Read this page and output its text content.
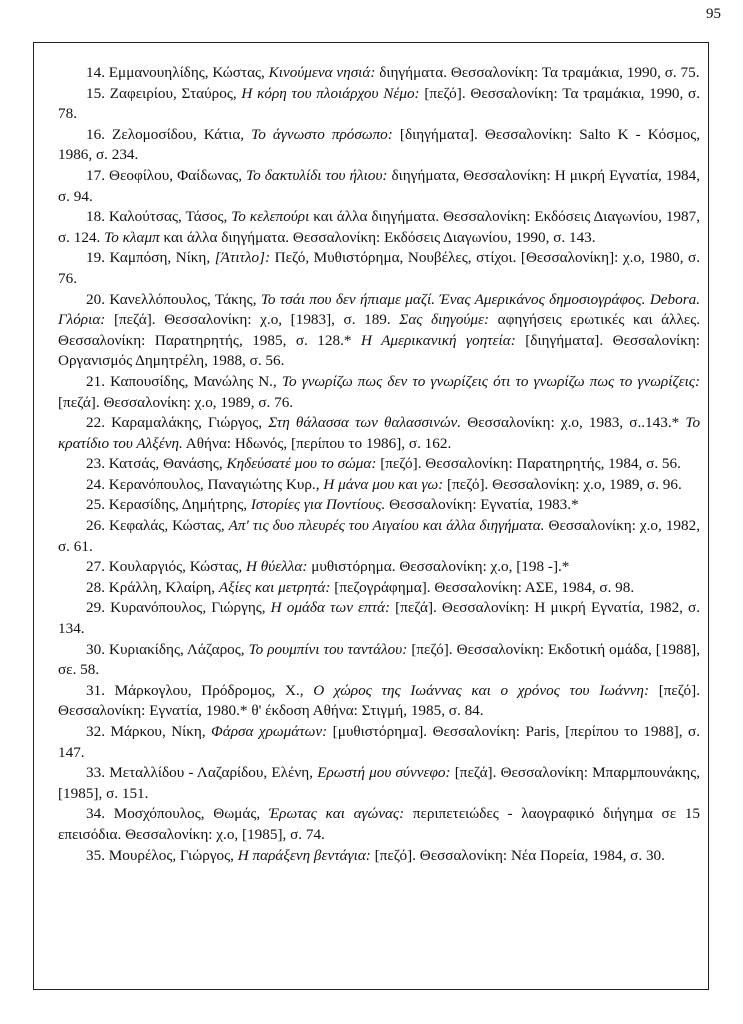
95

14. Εμμανουηλίδης, Κώστας, Κινούμενα νησιά: διηγήματα. Θεσσαλονίκη: Τα τραμάκια, 1990, σ. 75.

15. Ζαφειρίου, Σταύρος, Η κόρη του πλοιάρχου Νέμο: [πεζό]. Θεσσαλονίκη: Τα τραμάκια, 1990, σ. 78.

16. Ζελομοσίδου, Κάτια, Το άγνωστο πρόσωπο: [διηγήματα]. Θεσσαλονίκη: Salto K - Κόσμος, 1986, σ. 234.

17. Θεοφίλου, Φαίδωνας, Το δακτυλίδι του ήλιου: διηγήματα, Θεσσαλονίκη: Η μικρή Εγνατία, 1984, σ. 94.

18. Καλούτσας, Τάσος, Το κελεπούρι και άλλα διηγήματα. Θεσσαλονίκη: Εκδόσεις Διαγωνίου, 1987, σ. 124. Το κλαμπ και άλλα διηγήματα. Θεσσαλονίκη: Εκδόσεις Διαγωνίου, 1990, σ. 143.

19. Καμπόση, Νίκη, [Άτιτλο]: Πεζό, Μυθιστόρημα, Νουβέλες, στίχοι. [Θεσσαλονίκη]: χ.ο, 1980, σ. 76.

20. Κανελλόπουλος, Τάκης, Το τσάι που δεν ήπιαμε μαζί. Ένας Αμερικάνος δημοσιογράφος. Debora. Γλόρια: [πεζά]. Θεσσαλονίκη: χ.ο, [1983], σ. 189. Σας διηγούμε: αφηγήσεις ερωτικές και άλλες. Θεσσαλονίκη: Παρατηρητής, 1985, σ. 128.* Η Αμερικανική γοητεία: [διηγήματα]. Θεσσαλονίκη: Οργανισμός Δημητρέλη, 1988, σ. 56.

21. Καπουσίδης, Μανώλης Ν., Το γνωρίζω πως δεν το γνωρίζεις ότι το γνωρίζω πως το γνωρίζεις: [πεζά]. Θεσσαλονίκη: χ.ο, 1989, σ. 76.

22. Καραμαλάκης, Γιώργος, Στη θάλασσα των θαλασσινών. Θεσσαλονίκη: χ.ο, 1983, σ..143.* Το κρατίδιο του Αλξένη. Αθήνα: Ηδωνός, [περίπου το 1986], σ. 162.

23. Κατσάς, Θανάσης, Κηδεύσατέ μου το σώμα: [πεζό]. Θεσσαλονίκη: Παρατηρητής, 1984, σ. 56.

24. Κερανόπουλος, Παναγιώτης Κυρ., Η μάνα μου και γω: [πεζό]. Θεσσαλονίκη: χ.ο, 1989, σ. 96.

25. Κερασίδης, Δημήτρης, Ιστορίες για Ποντίους. Θεσσαλονίκη: Εγνατία, 1983.*

26. Κεφαλάς, Κώστας, Απ' τις δυο πλευρές του Αιγαίου και άλλα διηγήματα. Θεσσαλονίκη: χ.ο, 1982, σ. 61.

27. Κουλαργιός, Κώστας, Η θύελλα: μυθιστόρημα. Θεσσαλονίκη: χ.ο, [198 -].*

28. Κράλλη, Κλαίρη, Αξίες και μετρητά: [πεζογράφημα]. Θεσσαλονίκη: ΑΣΕ, 1984, σ. 98.

29. Κυρανόπουλος, Γιώργης, Η ομάδα των επτά: [πεζά]. Θεσσαλονίκη: Η μικρή Εγνατία, 1982, σ. 134.

30. Κυριακίδης, Λάζαρος, Το ρουμπίνι του ταντάλου: [πεζό]. Θεσσαλονίκη: Εκδοτική ομάδα, [1988], σε. 58.

31. Μάρκογλου, Πρόδρομος, Χ., Ο χώρος της Ιωάννας και ο χρόνος του Ιωάννη: [πεζό]. Θεσσαλονίκη: Εγνατία, 1980.* θ' έκδοση Αθήνα: Στιγμή, 1985, σ. 84.

32. Μάρκου, Νίκη, Φάρσα χρωμάτων: [μυθιστόρημα]. Θεσσαλονίκη: Paris, [περίπου το 1988], σ. 147.

33. Μεταλλίδου - Λαζαρίδου, Ελένη, Ερωστή μου σύννεφο: [πεζά]. Θεσσαλονίκη: Μπαρμπουνάκης, [1985], σ. 151.

34. Μοσχόπουλος, Θωμάς, Έρωτας και αγώνας: περιπετειώδες - λαογραφικό διήγημα σε 15 επεισόδια. Θεσσαλονίκη: χ.ο, [1985], σ. 74.

35. Μουρέλος, Γιώργος, Η παράξενη βεντάγια: [πεζό]. Θεσσαλονίκη: Νέα Πορεία, 1984, σ. 30.
